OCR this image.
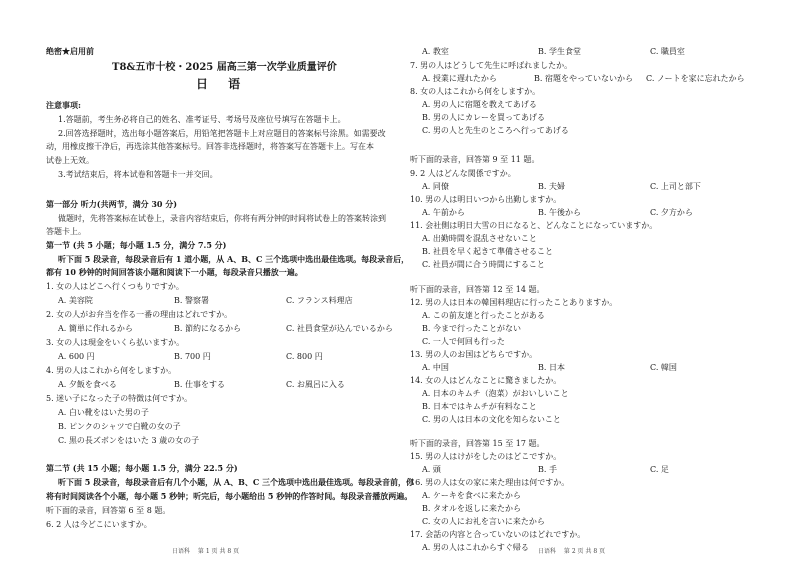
绝密★启用前
T8&五市十校・2025 届高三第一次学业质量评价
日 语
注意事项:
1.答题前，考生务必将自己的姓名、准考证号、考场号及座位号填写在答题卡上。
2.回答选择题时，选出每小题答案后，用铅笔把答题卡上对应题目的答案标号涂黑。如需要改
动，用橡皮擦干净后，再选涂其他答案标号。回答非选择题时，将答案写在答题卡上。写在本
试卷上无效。
3.考试结束后，将本试卷和答题卡一并交回。
第一部分 听力(共两节，满分 30 分)
做题时，先将答案标在试卷上，录音内容结束后，你将有两分钟的时间将试卷上的答案转涂到
答题卡上。
第一节 (共 5 小题；每小题 1.5 分，满分 7.5 分)
听下面 5 段录音，每段录音后有 1 道小题，从 A、B、C 三个选项中选出最佳选项。每段录音后，
都有 10 秒钟的时间回答该小题和阅读下一小题，每段录音只播放一遍。
1. 女の人はどこへ行くつもりですか。
A. 美容院	B. 警察署	C. フランス料理店
2. 女の人がお弁当を作る一番の理由はどれですか。
A. 簡単に作れるから	B. 節約になるから	C. 社員食堂が込んでいるから
3. 女の人は現金をいくら払いますか。
A. 600 円	B. 700 円	C. 800 円
4. 男の人はこれから何をしますか。
A. 夕飯を食べる	B. 仕事をする	C. お風呂に入る
5. 迷い子になった子の特徴は何ですか。
A. 白い靴をはいた男の子
B. ピンクのシャツで白靴の女の子
C. 黒の長ズボンをはいた 3 歳の女の子
第二节 (共 15 小题；每小题 1.5 分，满分 22.5 分)
听下面 5 段录音，每段录音后有几个小题，从 A、B、C 三个选项中选出最佳选项。每段录音前，你
将有时间阅读各个小题，每小题 5 秒钟；听完后，每小题给出 5 秒钟的作答时间。每段录音播放两遍。
听下面的录音，回答第 6 至 8 题。
6. 2 人は今どこにいますか。
日语科　 第 1 页 共 8 页
A. 教室	B. 学生食堂	C. 職員室
7. 男の人はどうして先生に呼ばれましたか。
A. 授業に遅れたから	B. 宿題をやっていないから C. ノートを家に忘れたから
8. 女の人はこれから何をしますか。
A. 男の人に宿題を教えてあげる
B. 男の人にカレーを買ってあげる
C. 男の人と先生のところへ行ってあげる
听下面的录音，回答第 9 至 11 题。
9. 2 人はどんな関係ですか。
A. 同僚	B. 夫婦	C. 上司と部下
10. 男の人は明日いつから出勤しますか。
A. 午前から	B. 午後から	C. 夕方から
11. 会社側は明日大雪の日になると、どんなことになっていますか。
A. 出勤時間を混乱させないこと
B. 社員を早く起きて準備させること
C. 社員が間に合う時間にすること
听下面的录音，回答第 12 至 14 题。
12. 男の人は日本の韓国料理店に行ったことありますか。
A. この前友達と行ったことがある
B. 今まで行ったことがない
C. 一人で何回も行った
13. 男の人のお国はどちらですか。
A. 中国	B. 日本	C. 韓国
14. 女の人はどんなことに驚きましたか。
A. 日本のキムチ（泡菜）がおいしいこと
B. 日本ではキムチが有料なこと
C. 男の人は日本の文化を知らないこと
听下面的录音，回答第 15 至 17 题。
15. 男の人はけがをしたのはどこですか。
A. 頭	B. 手	C. 足
16. 男の人は女の家に来た理由は何ですか。
A. ケーキを食べに来たから
B. タオルを返しに来たから
C. 女の人にお礼を言いに来たから
17. 会話の内容と合っていないのはどれですか。
A. 男の人はこれからすぐ帰る 日语科　 第 2 页 共 8 页
